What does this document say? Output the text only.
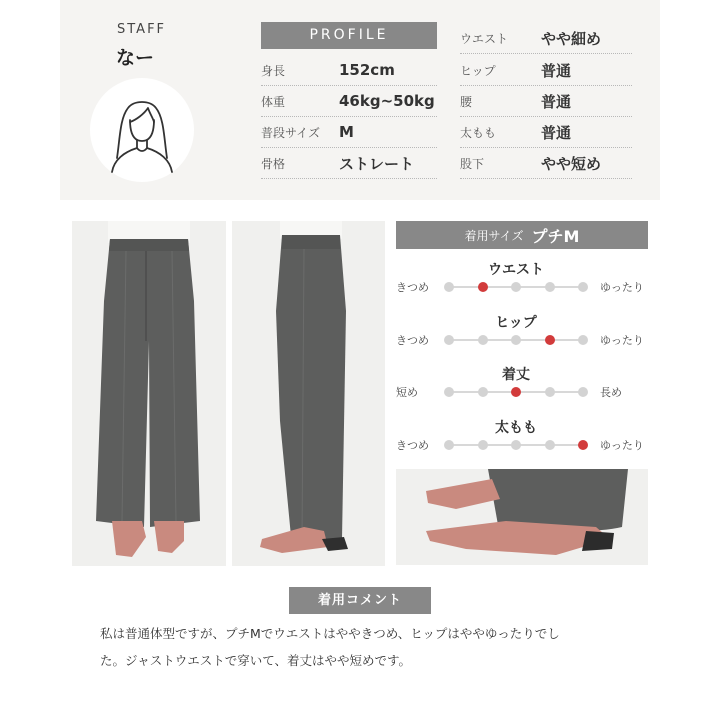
STAFF
なー
PROFILE
身長	152cm
体重	46kg~50kg
普段サイズ	M
骨格	ストレート
ウエスト	やや細め
ヒップ	普通
腰	普通
太もも	普通
股下	やや短め
着用サイズ プチM
ウエスト
きつめ	ゆったり
ヒップ
きつめ	ゆったり
着丈
短め	長め
太もも
きつめ	ゆったり
着用コメント
私は普通体型ですが、プチMでウエストはややきつめ、ヒップはややゆったりでし
た。ジャストウエストで穿いて、着丈はやや短めです。
